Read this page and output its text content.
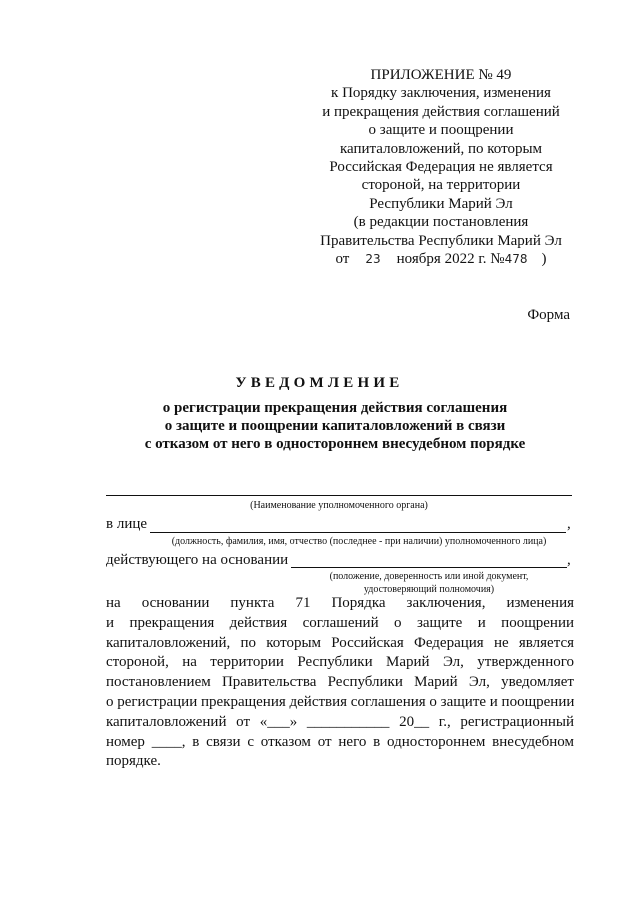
ПРИЛОЖЕНИЕ № 49
к Порядку заключения, изменения
и прекращения действия соглашений
о защите и поощрении
капиталовложений, по которым
Российская Федерация не является
стороной, на территории
Республики Марий Эл
(в редакции постановления
Правительства Республики Марий Эл
от 23 ноября 2022 г. №478 )
Форма
УВЕДОМЛЕНИЕ
о регистрации прекращения действия соглашения
о защите и поощрении капиталовложений в связи
с отказом от него в одностороннем внесудебном порядке
(Наименование уполномоченного органа)
в лице	,
(должность, фамилия, имя, отчество (последнее - при наличии) уполномоченного лица)
действующего на основании	,
(положение, доверенность или иной документ,
удостоверяющий полномочия)
на основании пункта 71 Порядка заключения, изменения
и прекращения действия соглашений о защите и поощрении
капиталовложений, по которым Российская Федерация не является
стороной, на территории Республики Марий Эл, утвержденного
постановлением Правительства Республики Марий Эл, уведомляет
о регистрации прекращения действия соглашения о защите и поощрении
капиталовложений от «___» ___________ 20__ г., регистрационный
номер ____, в связи с отказом от него в одностороннем внесудебном
порядке.
